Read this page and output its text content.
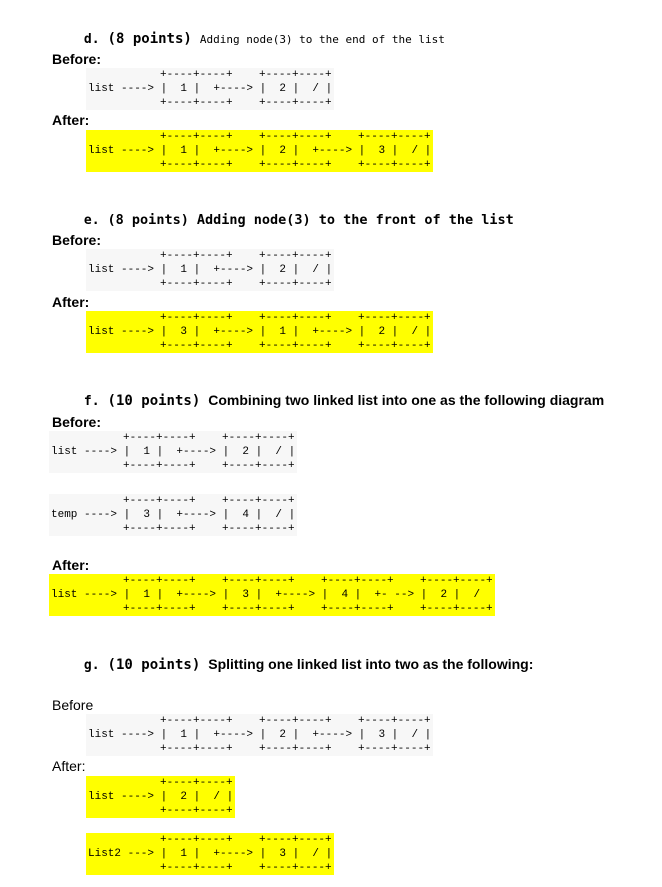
d. (8 points) Adding node(3) to the end of the list

Before:
+----+----+    +----+----+
list ----> |  1 |  +----> |  2 |  / |
+----+----+    +----+----+
After:
+----+----+    +----+----+    +----+----+
list ----> |  1 |  +----> |  2 |  +----> |  3 |  / |
+----+----+    +----+----+    +----+----+

e. (8 points) Adding node(3) to the front of the list

Before:
+----+----+    +----+----+
list ----> |  1 |  +----> |  2 |  / |
+----+----+    +----+----+
After:
+----+----+    +----+----+    +----+----+
list ----> |  3 |  +----> |  1 |  +----> |  2 |  / |
+----+----+    +----+----+    +----+----+

f. (10 points) Combining two linked list into one as the following diagram

Before:
+----+----+    +----+----+
list ----> |  1 |  +----> |  2 |  / |
+----+----+    +----+----+
+----+----+    +----+----+
temp ----> |  3 |  +----> |  4 |  / |
+----+----+    +----+----+
After:
+----+----+    +----+----+    +----+----+    +----+----+
list ----> |  1 |  +----> |  3 |  +----> |  4 |  +- --> |  2 |  /
+----+----+    +----+----+    +----+----+    +----+----+

g. (10 points) Splitting one linked list into two as the following:

Before
+----+----+    +----+----+    +----+----+
list ----> |  1 |  +----> |  2 |  +----> |  3 |  / |
+----+----+    +----+----+    +----+----+
After:
+----+----+
list ----> |  2 |  / |
+----+----+
+----+----+    +----+----+
List2 ---> |  1 |  +----> |  3 |  / |
+----+----+    +----+----+
